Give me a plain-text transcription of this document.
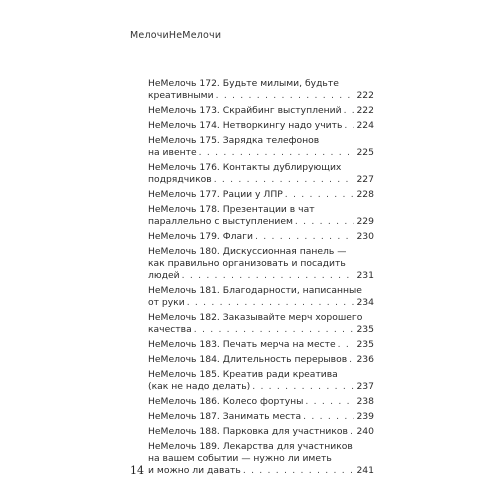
МелочиНеМелочи
НеМелочь 172. Будьте милыми, будьте
креативными . . .	222
НеМелочь 173. Скрайбинг выступлений . . . 222
НеМелочь 174. Нетворкингу надо учить . . . 224
НеМелочь 175. Зарядка телефонов
на ивенте . . .	225
НеМелочь 176. Контакты дублирующих
подрядчиков . . .	227
НеМелочь 177. Рации у ЛПР . . .	228
НеМелочь 178. Презентации в чат
параллельно с выступлением . . .	229
НеМелочь 179. Флаги . . .	230
НеМелочь 180. Дискуссионная панель —
как правильно организовать и посадить
людей . . .	231
НеМелочь 181. Благодарности, написанные
от руки . . .	234
НеМелочь 182. Заказывайте мерч хорошего
качества . . .	235
НеМелочь 183. Печать мерча на месте . . . 235
НеМелочь 184. Длительность перерывов . . . 236
НеМелочь 185. Креатив ради креатива
(как не надо делать) . . .	237
НеМелочь 186. Колесо фортуны . . .	238
НеМелочь 187. Занимать места . . .	239
НеМелочь 188. Парковка для участников . . . 240
НеМелочь 189. Лекарства для участников
на вашем событии — нужно ли иметь
и можно ли давать . . .	241
14
